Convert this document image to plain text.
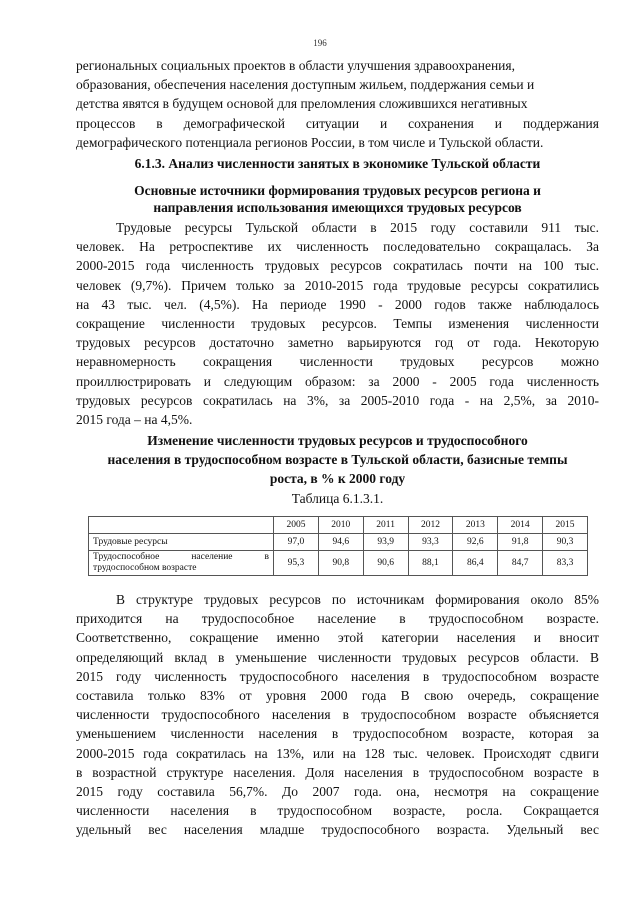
196

региональных социальных проектов в области улучшения здравоохранения,

образования, обеспечения населения доступным жильем, поддержания семьи и

детства явятся в будущем основой для преломления сложившихся негативных

процессов в демографической ситуации и сохранения и поддержания

демографического потенциала регионов России, в том числе и Тульской области.

6.1.3. Анализ численности занятых в экономике Тульской области

Основные источники формирования трудовых ресурсов региона и
направления использования имеющихся трудовых ресурсов

Трудовые ресурсы Тульской области в 2015 году составили 911 тыс.

человек. На ретроспективе их численность последовательно сокращалась. За

2000-2015 года численность трудовых ресурсов сократилась почти на 100 тыс.

человек (9,7%). Причем только за 2010-2015 года трудовые ресурсы сократились

на 43 тыс. чел. (4,5%). На периоде 1990 - 2000 годов также наблюдалось

сокращение численности трудовых ресурсов. Темпы изменения численности

трудовых ресурсов достаточно заметно варьируются год от года. Некоторую

неравномерность сокращения численности трудовых ресурсов можно

проиллюстрировать и следующим образом: за 2000 - 2005 года численность

трудовых ресурсов сократилась на 3%, за 2005-2010 года - на 2,5%, за 2010-

2015 года – на 4,5%.

Изменение численности трудовых ресурсов и трудоспособного
населения в трудоспособном возрасте в Тульской области, базисные темпы
роста, в % к 2000 году

Таблица 6.1.3.1.

	2005	2010	2011	2012	2013	2014	2015
Трудовые ресурсы	97,0	94,6	93,9	93,3	92,6	91,8	90,3

Трудоспособное население в
трудоспособном возрасте	95,3	90,8	90,6	88,1	86,4	84,7	83,3

В структуре трудовых ресурсов по источникам формирования около 85%

приходится на трудоспособное население в трудоспособном возрасте.

Соответственно, сокращение именно этой категории населения и вносит

определяющий вклад в уменьшение численности трудовых ресурсов области. В

2015 году численность трудоспособного населения в трудоспособном возрасте

составила только 83% от уровня 2000 года В свою очередь, сокращение

численности трудоспособного населения в трудоспособном возрасте объясняется

уменьшением численности населения в трудоспособном возрасте, которая за

2000-2015 года сократилась на 13%, или на 128 тыс. человек. Происходят сдвиги

в возрастной структуре населения. Доля населения в трудоспособном возрасте в

2015 году составила 56,7%. До 2007 года. она, несмотря на сокращение

численности населения в трудоспособном возрасте, росла. Сокращается

удельный вес населения младше трудоспособного возраста. Удельный вес
